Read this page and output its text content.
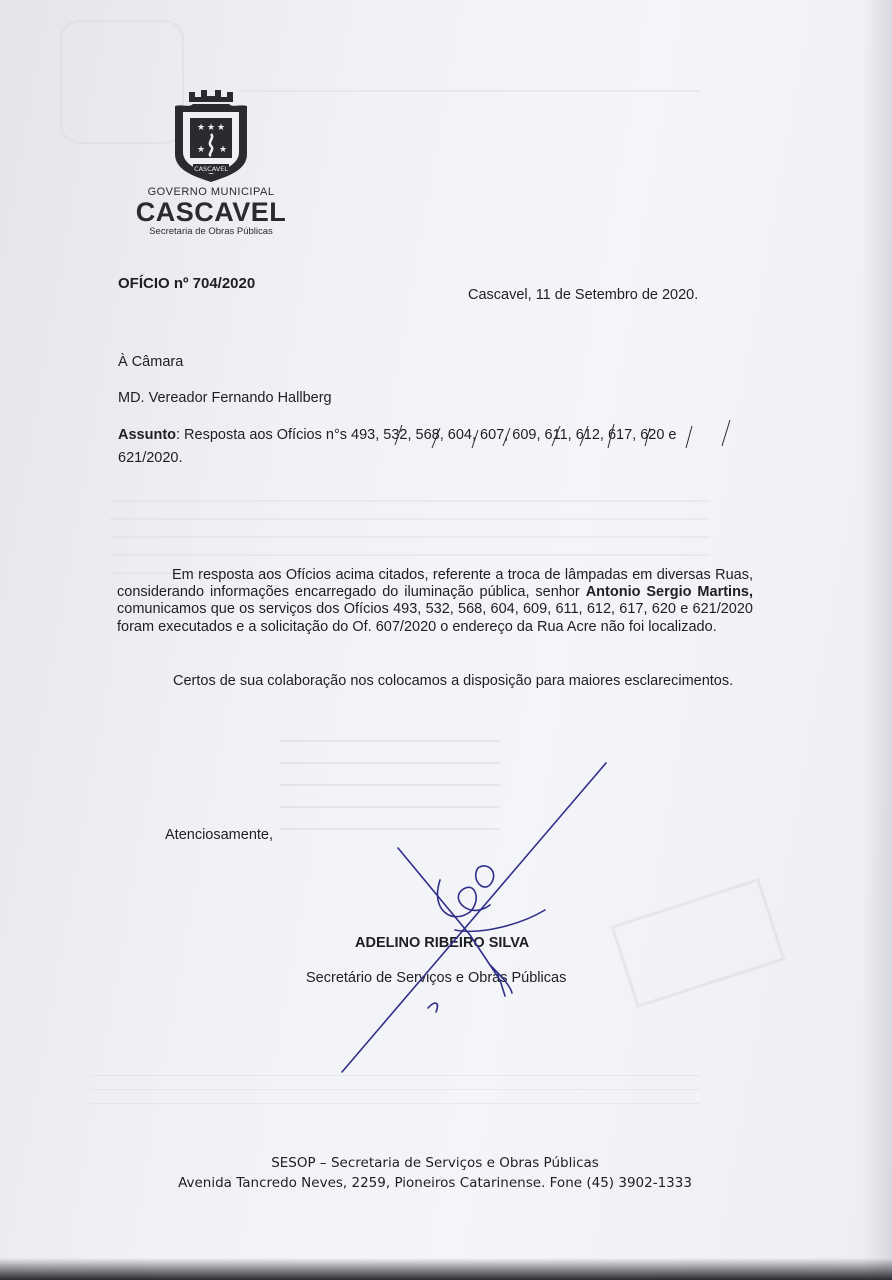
★ ★ ★
★ ★
CASCAVEL
GOVERNO MUNICIPAL
CASCAVEL
Secretaria de Obras Públicas
OFÍCIO nº 704/2020
Cascavel, 11 de Setembro de 2020.
À Câmara
MD. Vereador Fernando Hallberg
Assunto: Resposta aos Ofícios n°s 493, 532, 568, 604, 607, 609, 611, 612, 617, 620 e
621/2020.
Em resposta aos Ofícios acima citados, referente a troca de lâmpadas em diversas Ruas, considerando informações encarregado do iluminação pública, senhor Antonio Sergio Martins, comunicamos que os serviços dos Ofícios 493, 532, 568, 604, 609, 611, 612, 617, 620 e 621/2020 foram executados e a solicitação do Of. 607/2020 o endereço da Rua Acre não foi localizado.
Certos de sua colaboração nos colocamos a disposição para maiores esclarecimentos.
Atenciosamente,
ADELINO RIBEIRO SILVA
Secretário de Serviços e Obras Públicas
SESOP – Secretaria de Serviços e Obras Públicas
Avenida Tancredo Neves, 2259, Pioneiros Catarinense. Fone (45) 3902-1333
